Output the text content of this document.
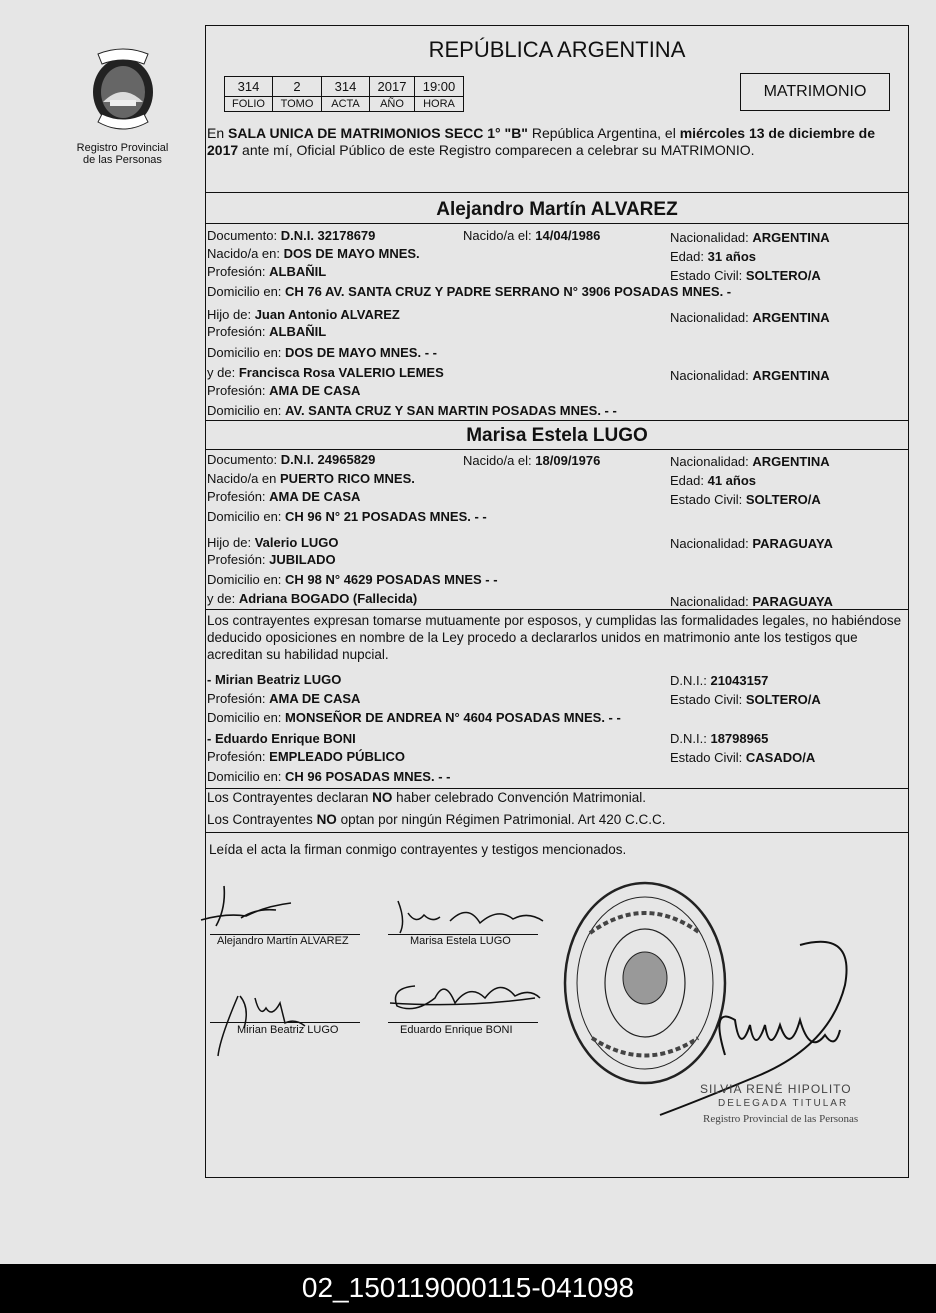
Registro Provincial
de las Personas
REPÚBLICA ARGENTINA
314	2	314	2017	19:00
FOLIO	TOMO	ACTA	AÑO	HORA
MATRIMONIO
En SALA UNICA DE MATRIMONIOS SECC 1° "B" República Argentina, el miércoles 13 de diciembre de 2017 ante mí, Oficial Público de este Registro comparecen a celebrar su MATRIMONIO.
Alejandro Martín ALVAREZ
Documento: D.N.I. 32178679	Nacido/a el: 14/04/1986	Nacionalidad: ARGENTINA
Nacido/a en: DOS DE MAYO MNES.	Edad: 31 años
Profesión: ALBAÑIL	Estado Civil: SOLTERO/A
Domicilio en: CH 76 AV. SANTA CRUZ Y PADRE SERRANO N° 3906 POSADAS MNES. -
Hijo de: Juan Antonio ALVAREZ	Nacionalidad: ARGENTINA
Profesión: ALBAÑIL
Domicilio en: DOS DE MAYO MNES. - -
y de: Francisca Rosa VALERIO LEMES	Nacionalidad: ARGENTINA
Profesión: AMA DE CASA
Domicilio en: AV. SANTA CRUZ Y SAN MARTIN POSADAS MNES. - -
Marisa Estela LUGO
Documento: D.N.I. 24965829	Nacido/a el: 18/09/1976	Nacionalidad: ARGENTINA
Nacido/a en PUERTO RICO MNES.	Edad: 41 años
Profesión: AMA DE CASA	Estado Civil: SOLTERO/A
Domicilio en: CH 96 N° 21 POSADAS MNES. - -
Hijo de: Valerio LUGO	Nacionalidad: PARAGUAYA
Profesión: JUBILADO
Domicilio en: CH 98 N° 4629 POSADAS MNES - -
y de: Adriana BOGADO (Fallecida)	Nacionalidad: PARAGUAYA
Los contrayentes expresan tomarse mutuamente por esposos, y cumplidas las formalidades legales, no habiéndose deducido oposiciones en nombre de la Ley procedo a declararlos unidos en matrimonio ante los testigos que acreditan su habilidad nupcial.
- Mirian Beatriz LUGO	D.N.I.: 21043157
Profesión: AMA DE CASA	Estado Civil: SOLTERO/A
Domicilio en: MONSEÑOR DE ANDREA N° 4604 POSADAS MNES. - -
- Eduardo Enrique BONI	D.N.I.: 18798965
Profesión: EMPLEADO PÚBLICO	Estado Civil: CASADO/A
Domicilio en: CH 96 POSADAS MNES. - -
Los Contrayentes declaran NO haber celebrado Convención Matrimonial.
Los Contrayentes NO optan por ningún Régimen Patrimonial. Art 420 C.C.C.
Leída el acta la firman conmigo contrayentes y testigos mencionados.
Alejandro Martín ALVAREZ	Marisa Estela LUGO
Mirian Beatriz LUGO	Eduardo Enrique BONI
SILVIA RENÉ HIPOLITO
DELEGADA TITULAR
Registro Provincial de las Personas
02_150119000115-041098
